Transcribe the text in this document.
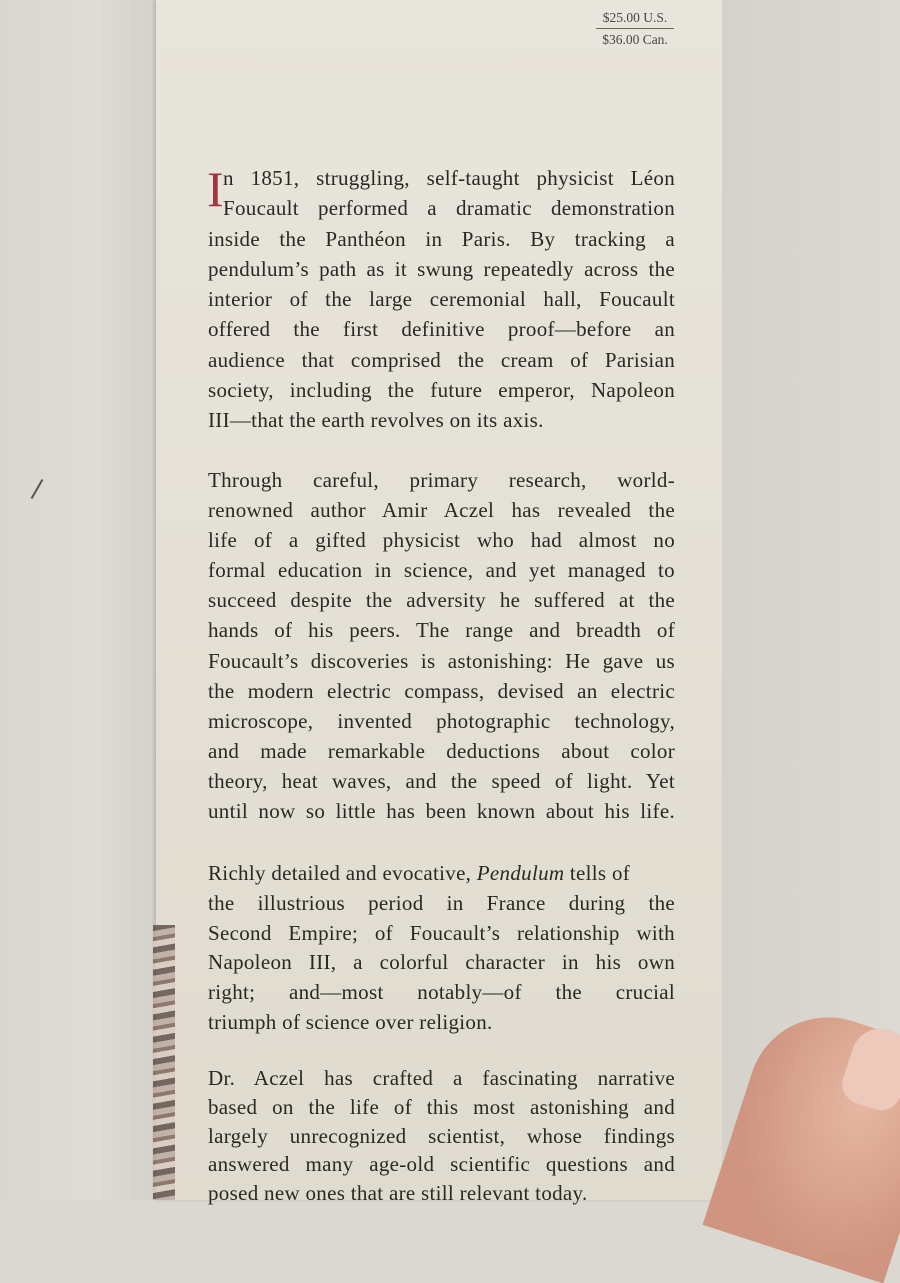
$25.00 U.S.
$36.00 Can.
I n 1851, struggling, self-taught physicist Léon
Foucault performed a dramatic demonstration
inside the Panthéon in Paris. By tracking a
pendulum’s path as it swung repeatedly across the
interior of the large ceremonial hall, Foucault
offered the first definitive proof—before an
audience that comprised the cream of Parisian
society, including the future emperor, Napoleon
III—that the earth revolves on its axis.
Through careful, primary research, world-
renowned author Amir Aczel has revealed the
life of a gifted physicist who had almost no
formal education in science, and yet managed to
succeed despite the adversity he suffered at the
hands of his peers. The range and breadth of
Foucault’s discoveries is astonishing: He gave us
the modern electric compass, devised an electric
microscope, invented photographic technology,
and made remarkable deductions about color
theory, heat waves, and the speed of light. Yet
until now so little has been known about his life.
Richly detailed and evocative, Pendulum tells of
the illustrious period in France during the
Second Empire; of Foucault’s relationship with
Napoleon III, a colorful character in his own
right; and—most notably—of the crucial
triumph of science over religion.
Dr. Aczel has crafted a fascinating narrative
based on the life of this most astonishing and
largely unrecognized scientist, whose findings
answered many age-old scientific questions and
posed new ones that are still relevant today.
